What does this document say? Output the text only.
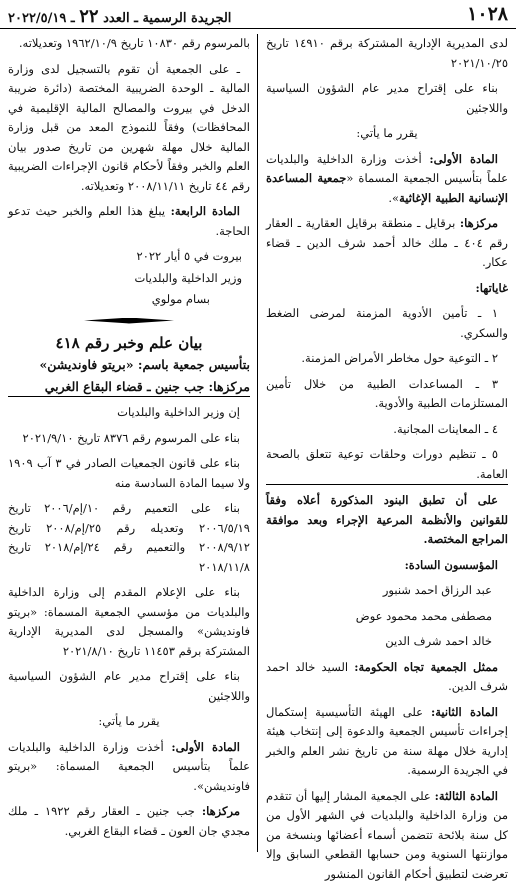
١٠٢٨
الجريدة الرسمية ـ العدد ٢٢ ـ ٢٠٢٢/٥/١٩

لدى المديرية الإدارية المشتركة برقم ١٤٩١٠ تاريخ ٢٠٢١/١٠/٢٥

بناء على إقتراح مدير عام الشؤون السياسية واللاجئين

يقرر ما يأتي:

المادة الأولى: أخذت وزارة الداخلية والبلديات علماً بتأسيس الجمعية المسماة «جمعية المساعدة الإنسانية الطبية الإغاثية».

مركزها: برقايل ـ منطقة برقايل العقارية ـ العقار رقم ٤٠٤ ـ ملك خالد أحمد شرف الدين ـ قضاء عكار.

غاياتها:

١ ـ تأمين الأدوية المزمنة لمرضى الضغط والسكري.

٢ ـ التوعية حول مخاطر الأمراض المزمنة.

٣ ـ المساعدات الطبية من خلال تأمين المستلزمات الطبية والأدوية.

٤ ـ المعاينات المجانية.

٥ ـ تنظيم دورات وحلقات توعية تتعلق بالصحة العامة.

على أن تطبق البنود المذكورة أعلاه وفقاً للقوانين والأنظمة المرعية الإجراء وبعد موافقة المراجع المختصة.

المؤسسون السادة:

عبد الرزاق احمد شنبور

مصطفى محمد محمود عوض

خالد احمد شرف الدين

ممثل الجمعية تجاه الحكومة: السيد خالد احمد شرف الدين.

المادة الثانية: على الهيئة التأسيسية إستكمال إجراءات تأسيس الجمعية والدعوة إلى إنتخاب هيئة إدارية خلال مهلة سنة من تاريخ نشر العلم والخبر في الجريدة الرسمية.

المادة الثالثة: على الجمعية المشار إليها أن تتقدم من وزارة الداخلية والبلديات في الشهر الأول من كل سنة بلائحة تتضمن أسماء أعضائها وبنسخة من موازنتها السنوية ومن حسابها القطعي السابق وإلا تعرضت لتطبيق أحكام القانون المنشور

بالمرسوم رقم ١٠٨٣٠ تاريخ ١٩٦٢/١٠/٩ وتعديلاته.

ـ على الجمعية أن تقوم بالتسجيل لدى وزارة المالية ـ الوحدة الضريبية المختصة (دائرة ضريبة الدخل في بيروت والمصالح المالية الإقليمية في المحافظات) وفقاً للنموذج المعد من قبل وزارة المالية خلال مهلة شهرين من تاريخ صدور بيان العلم والخبر وفقاً لأحكام قانون الإجراءات الضريبية رقم ٤٤ تاريخ ٢٠٠٨/١١/١١ وتعديلاته.

المادة الرابعة: يبلغ هذا العلم والخبر حيث تدعو الحاجة.

بيروت في ٥ أيار ٢٠٢٢

وزير الداخلية والبلديات

بسام مولوي

بيان علم وخبر رقم ٤١٨

بتأسيس جمعية باسم: «بريتو فاونديشن»

مركزها: جب جنين ـ قضاء البقاع الغربي

إن وزير الداخلية والبلديات

بناء على المرسوم رقم ٨٣٧٦ تاريخ ٢٠٢١/٩/١٠

بناء على قانون الجمعيات الصادر في ٣ آب ١٩٠٩ ولا سيما المادة السادسة منه

بناء على التعميم رقم ١٠/إم/٢٠٠٦ تاريخ ٢٠٠٦/٥/١٩ وتعديله رقم ٢٥/إم/٢٠٠٨ تاريخ ٢٠٠٨/٩/١٢ والتعميم رقم ٢٤/إم/٢٠١٨ تاريخ ٢٠١٨/١١/٨

بناء على الإعلام المقدم إلى وزارة الداخلية والبلديات من مؤسسي الجمعية المسماة: «بريتو فاونديشن» والمسجل لدى المديرية الإدارية المشتركة برقم ١١٤٥٣ تاريخ ٢٠٢١/٨/١٠

بناء على إقتراح مدير عام الشؤون السياسية واللاجئين

يقرر ما يأتي:

المادة الأولى: أخذت وزارة الداخلية والبلديات علماً بتأسيس الجمعية المسماة: «بريتو فاونديشن».

مركزها: جب جنين ـ العقار رقم ١٩٢٢ ـ ملك مجدي جان العون ـ قضاء البقاع الغربي.
